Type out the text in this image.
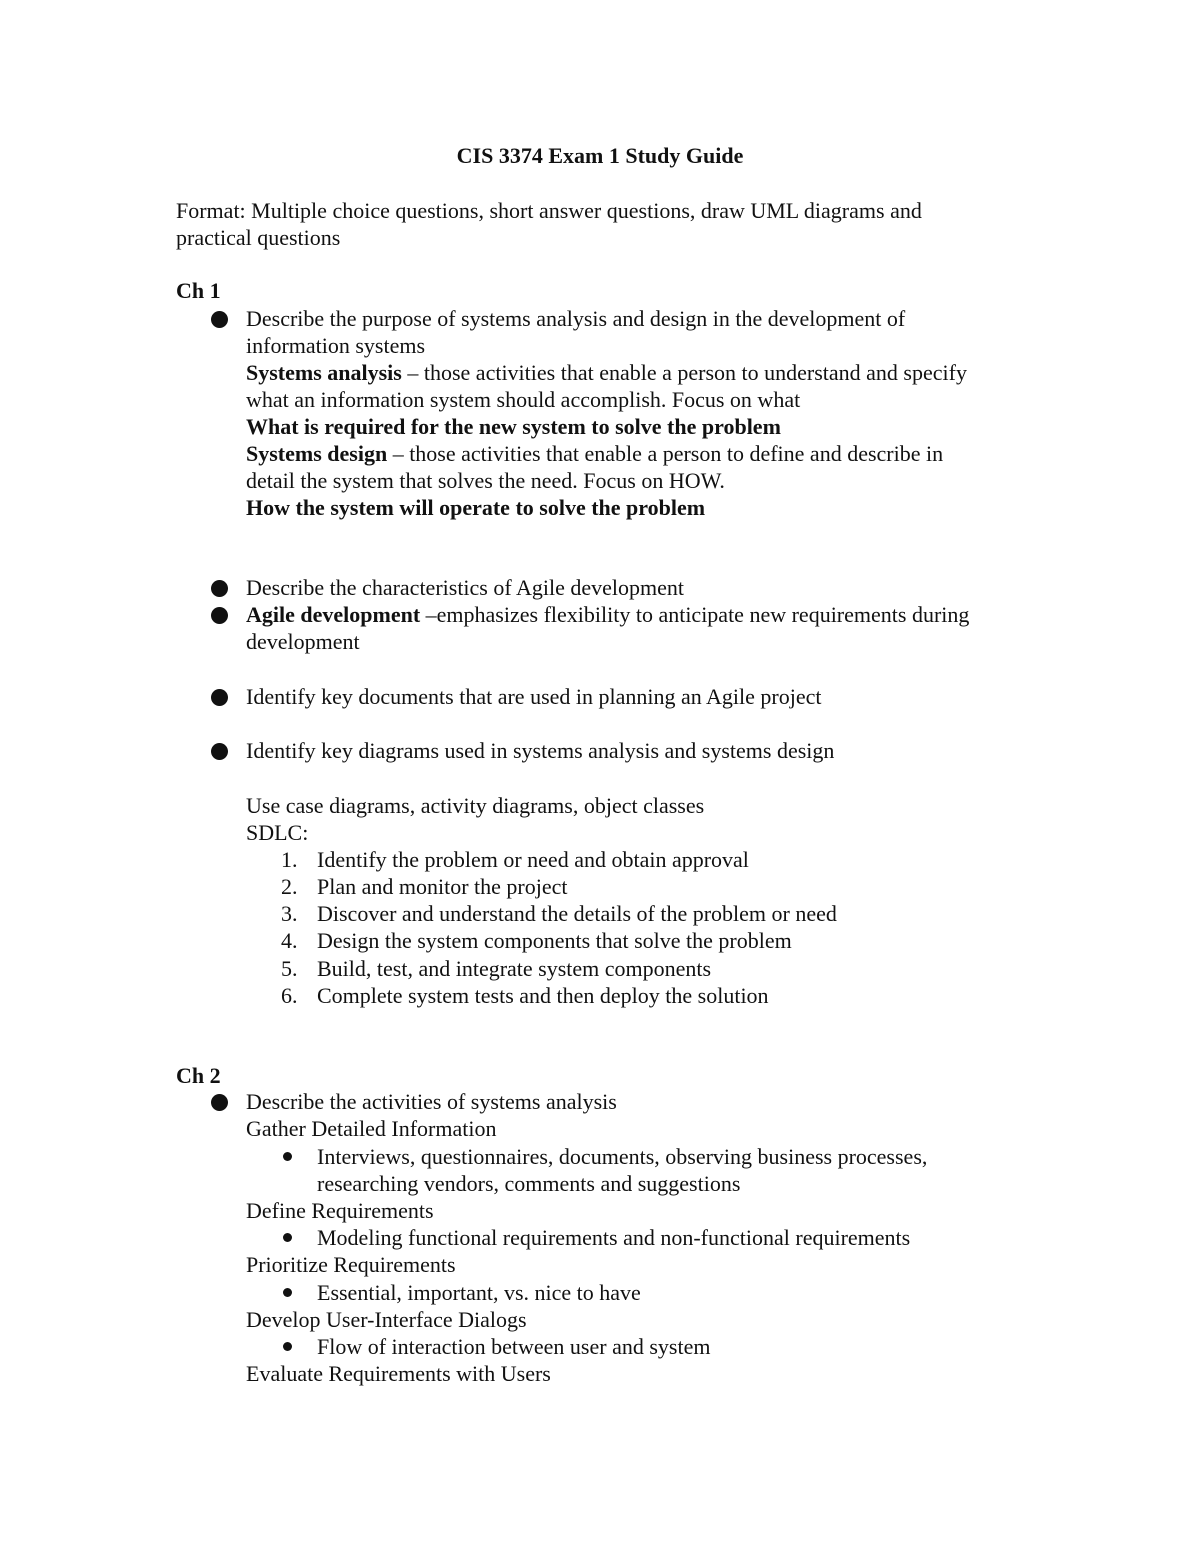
CIS 3374 Exam 1 Study Guide
Format: Multiple choice questions, short answer questions, draw UML diagrams and
practical questions
Ch 1
Describe the purpose of systems analysis and design in the development of
information systems
Systems analysis – those activities that enable a person to understand and specify
what an information system should accomplish. Focus on what
What is required for the new system to solve the problem
Systems design – those activities that enable a person to define and describe in
detail the system that solves the need. Focus on HOW.
How the system will operate to solve the problem
Describe the characteristics of Agile development
Agile development –emphasizes flexibility to anticipate new requirements during
development
Identify key documents that are used in planning an Agile project
Identify key diagrams used in systems analysis and systems design
Use case diagrams, activity diagrams, object classes
SDLC:
1. Identify the problem or need and obtain approval
2. Plan and monitor the project
3. Discover and understand the details of the problem or need
4. Design the system components that solve the problem
5. Build, test, and integrate system components
6. Complete system tests and then deploy the solution
Ch 2
Describe the activities of systems analysis
Gather Detailed Information
Interviews, questionnaires, documents, observing business processes,
researching vendors, comments and suggestions
Define Requirements
Modeling functional requirements and non-functional requirements
Prioritize Requirements
Essential, important, vs. nice to have
Develop User-Interface Dialogs
Flow of interaction between user and system
Evaluate Requirements with Users
